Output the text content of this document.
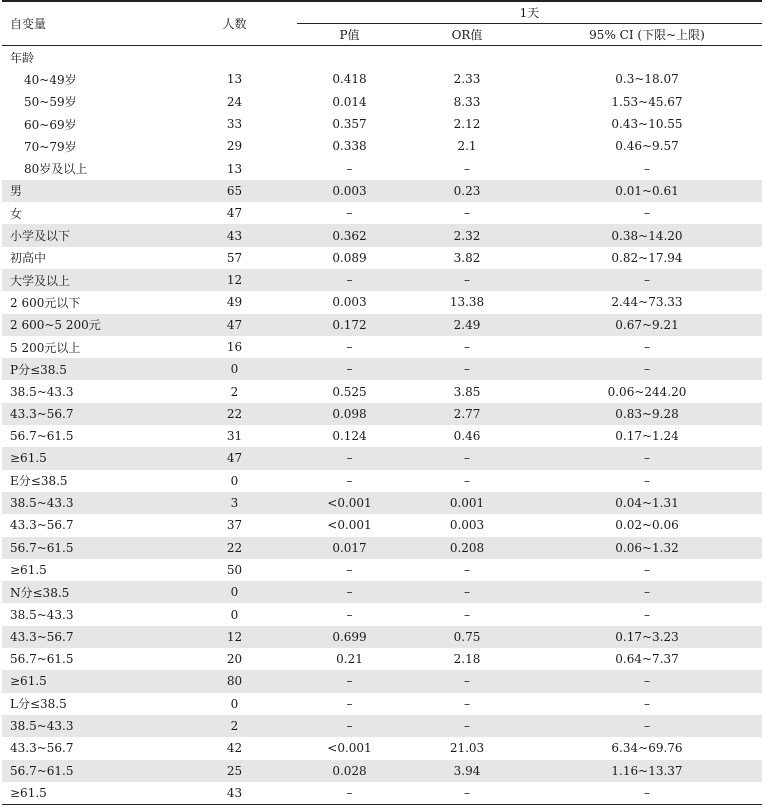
自变量	人数	1天		
		P值	OR值	95% CI (下限~上限)
年龄				
40~49岁	13	0.418	2.33	0.3~18.07
50~59岁	24	0.014	8.33	1.53~45.67
60~69岁	33	0.357	2.12	0.43~10.55
70~79岁	29	0.338	2.1	0.46~9.57
80岁及以上	13	–	–	–
男	65	0.003	0.23	0.01~0.61
女	47	–	–	–
小学及以下	43	0.362	2.32	0.38~14.20
初高中	57	0.089	3.82	0.82~17.94
大学及以上	12	–	–	–
2 600元以下	49	0.003	13.38	2.44~73.33
2 600~5 200元	47	0.172	2.49	0.67~9.21
5 200元以上	16	–	–	–
P分≤38.5	0	–	–	–
38.5~43.3	2	0.525	3.85	0.06~244.20
43.3~56.7	22	0.098	2.77	0.83~9.28
56.7~61.5	31	0.124	0.46	0.17~1.24
≥61.5	47	–	–	–
E分≤38.5	0	–	–	–
38.5~43.3	3	<0.001	0.001	0.04~1.31
43.3~56.7	37	<0.001	0.003	0.02~0.06
56.7~61.5	22	0.017	0.208	0.06~1.32
≥61.5	50	–	–	–
N分≤38.5	0	–	–	–
38.5~43.3	0	–	–	–
43.3~56.7	12	0.699	0.75	0.17~3.23
56.7~61.5	20	0.21	2.18	0.64~7.37
≥61.5	80	–	–	–
L分≤38.5	0	–	–	–
38.5~43.3	2	–	–	–
43.3~56.7	42	<0.001	21.03	6.34~69.76
56.7~61.5	25	0.028	3.94	1.16~13.37
≥61.5	43	–	–	–
